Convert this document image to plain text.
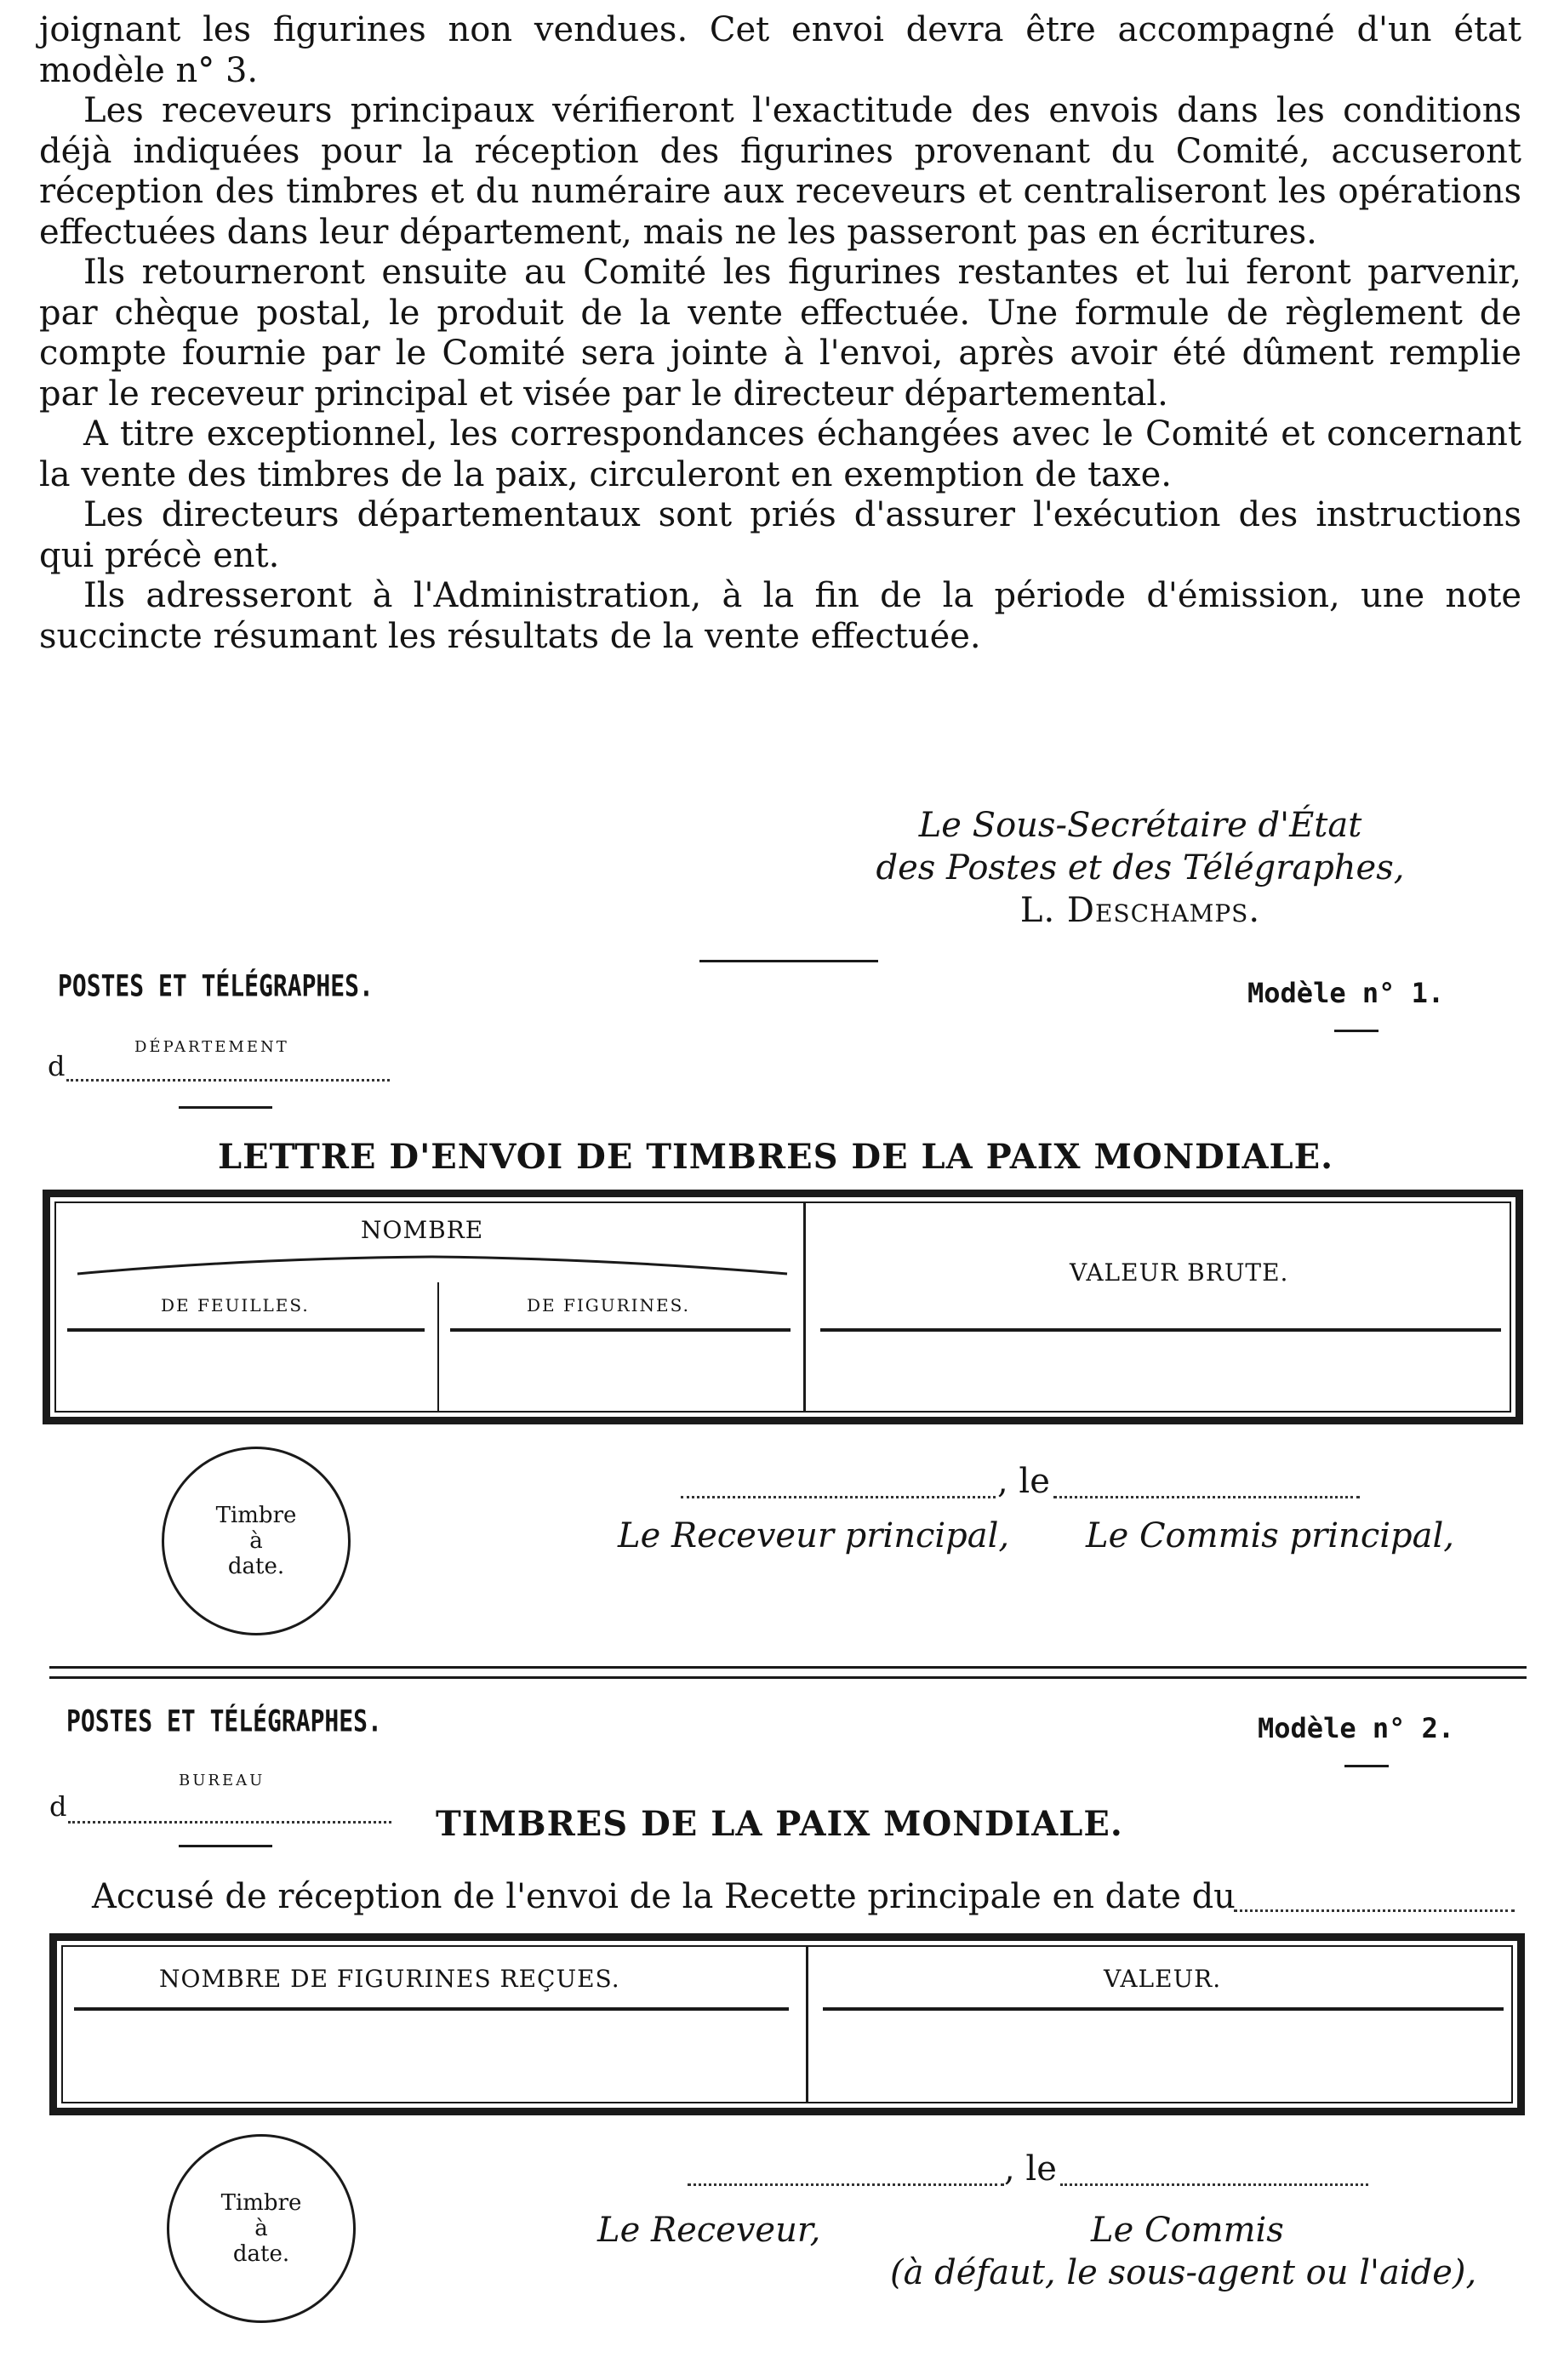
joignant les figurines non vendues. Cet envoi devra être accompagné d'un état modèle n° 3.

Les receveurs principaux vérifieront l'exactitude des envois dans les conditions déjà indiquées pour la réception des figurines provenant du Comité, accuseront réception des timbres et du numéraire aux receveurs et centraliseront les opérations effectuées dans leur département, mais ne les passeront pas en écritures.

Ils retourneront ensuite au Comité les figurines restantes et lui feront parvenir, par chèque postal, le produit de la vente effectuée. Une formule de règlement de compte fournie par le Comité sera jointe à l'envoi, après avoir été dûment remplie par le receveur principal et visée par le directeur départemental.

A titre exceptionnel, les correspondances échangées avec le Comité et concernant la vente des timbres de la paix, circuleront en exemption de taxe.

Les directeurs départementaux sont priés d'assurer l'exécution des instructions qui précè ent.

Ils adresseront à l'Administration, à la fin de la période d'émission, une note succincte résumant les résultats de la vente effectuée.

Le Sous-Secrétaire d'État
des Postes et des Télégraphes,
L. Deschamps.
POSTES ET TÉLÉGRAPHES.	Modèle n° 1.
DÉPARTEMENT
d
LETTRE D'ENVOI DE TIMBRES DE LA PAIX MONDIALE.
NOMBRE
DE FEUILLES.	DE FIGURINES.
VALEUR BRUTE.
Timbre
à
date.
, le
Le Receveur principal, Le Commis principal,
POSTES ET TÉLÉGRAPHES.	Modèle n° 2.
BUREAU
d	TIMBRES DE LA PAIX MONDIALE.
Accusé de réception de l'envoi de la Recette principale en date du
NOMBRE DE FIGURINES REÇUES.	VALEUR.
Timbre
à
date.
, le
Le Receveur,	Le Commis
(à défaut, le sous-agent ou l'aide),
